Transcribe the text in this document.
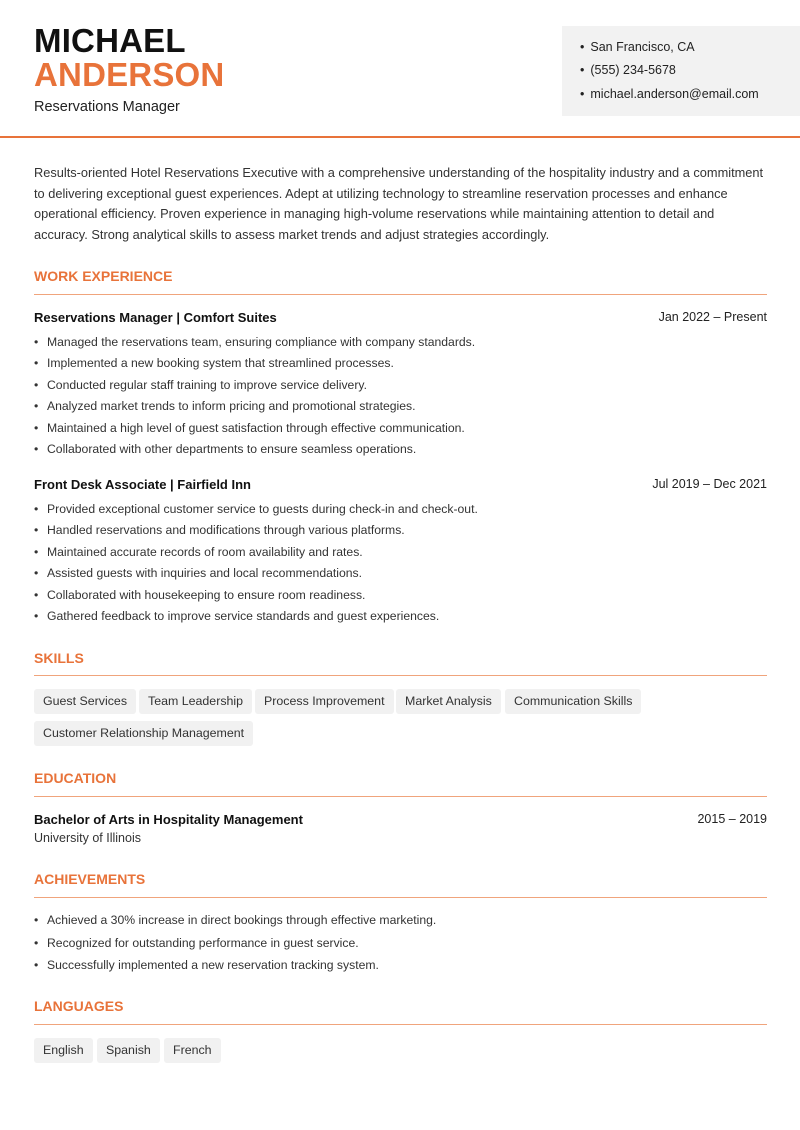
MICHAEL
ANDERSON
Reservations Manager
• San Francisco, CA
• (555) 234-5678
• michael.anderson@email.com
Results-oriented Hotel Reservations Executive with a comprehensive understanding of the hospitality industry and a commitment to delivering exceptional guest experiences. Adept at utilizing technology to streamline reservation processes and enhance operational efficiency. Proven experience in managing high-volume reservations while maintaining attention to detail and accuracy. Strong analytical skills to assess market trends and adjust strategies accordingly.
WORK EXPERIENCE
Reservations Manager | Comfort Suites	Jan 2022 – Present
• Managed the reservations team, ensuring compliance with company standards.
• Implemented a new booking system that streamlined processes.
• Conducted regular staff training to improve service delivery.
• Analyzed market trends to inform pricing and promotional strategies.
• Maintained a high level of guest satisfaction through effective communication.
• Collaborated with other departments to ensure seamless operations.
Front Desk Associate | Fairfield Inn	Jul 2019 – Dec 2021
• Provided exceptional customer service to guests during check-in and check-out.
• Handled reservations and modifications through various platforms.
• Maintained accurate records of room availability and rates.
• Assisted guests with inquiries and local recommendations.
• Collaborated with housekeeping to ensure room readiness.
• Gathered feedback to improve service standards and guest experiences.
SKILLS
Guest Services	Team Leadership	Process Improvement	Market Analysis	Communication Skills
Customer Relationship Management
EDUCATION
Bachelor of Arts in Hospitality Management	2015 – 2019
University of Illinois
ACHIEVEMENTS
• Achieved a 30% increase in direct bookings through effective marketing.
• Recognized for outstanding performance in guest service.
• Successfully implemented a new reservation tracking system.
LANGUAGES
English	Spanish	French
